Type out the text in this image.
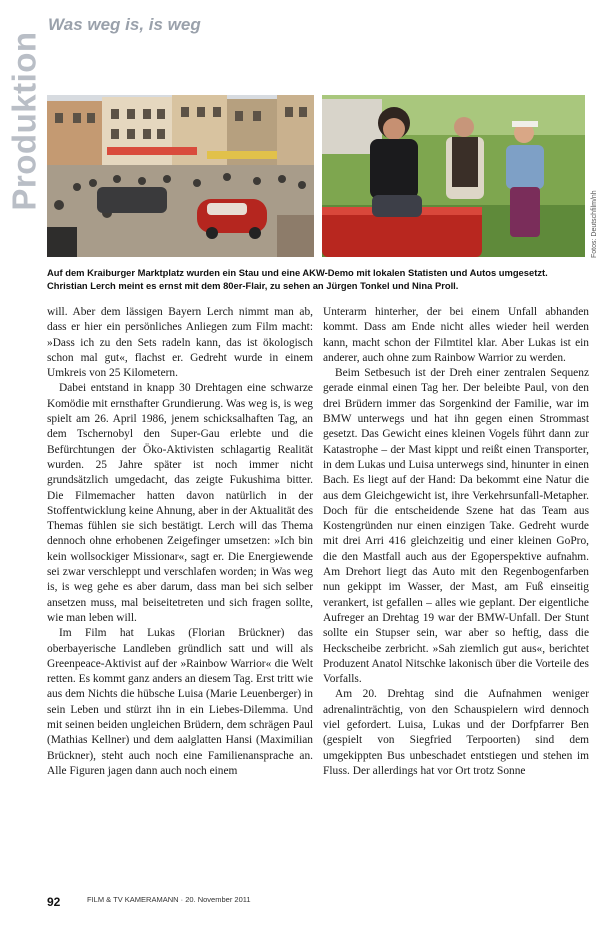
Produktion
Was weg is, is weg
Fotos: Deutschfilm/nh
Auf dem Kraiburger Marktplatz wurden ein Stau und eine AKW-Demo mit lokalen Statisten und Autos umgesetzt. Christian Lerch meint es ernst mit dem 80er-Flair, zu sehen an Jürgen Tonkel und Nina Proll.

will. Aber dem lässigen Bayern Lerch nimmt man ab, dass er hier ein persönliches Anliegen zum Film macht: »Dass ich zu den Sets radeln kann, das ist ökologisch schon mal gut«, flachst er. Gedreht wurde in einem Umkreis von 25 Kilometern.

Dabei entstand in knapp 30 Drehtagen eine schwarze Komödie mit ernsthafter Grundierung. Was weg is, is weg spielt am 26. April 1986, jenem schicksalhaften Tag, an dem Tschernobyl den Super-Gau erlebte und die Befürchtungen der Öko-Aktivisten schlagartig Realität wurden. 25 Jahre später ist noch immer nicht grundsätzlich umgedacht, das zeigte Fukushima bitter. Die Filmemacher hatten davon natürlich in der Stoffentwicklung keine Ahnung, aber in der Aktualität des Themas fühlen sie sich bestätigt. Lerch will das Thema dennoch ohne erhobenen Zeigefinger umsetzen: »Ich bin kein wollsockiger Missionar«, sagt er. Die Energiewende sei zwar verschleppt und verschlafen worden; in Was weg is, is weg gehe es aber darum, dass man bei sich selber ansetzen muss, mal beiseitetreten und sich fragen sollte, wie man leben will.

Im Film hat Lukas (Florian Brückner) das oberbayerische Landleben gründlich satt und will als Greenpeace-Aktivist auf der »Rainbow Warrior« die Welt retten. Es kommt ganz anders an diesem Tag. Erst tritt wie aus dem Nichts die hübsche Luisa (Marie Leuenberger) in sein Leben und stürzt ihn in ein Liebes-Dilemma. Und mit seinen beiden ungleichen Brüdern, dem schrägen Paul (Mathias Kellner) und dem aalglatten Hansi (Maximilian Brückner), steht auch noch eine Familienansprache an. Alle Figuren jagen dann auch noch einem

Unterarm hinterher, der bei einem Unfall abhanden kommt. Dass am Ende nicht alles wieder heil werden kann, macht schon der Filmtitel klar. Aber Lukas ist ein anderer, auch ohne zum Rainbow Warrior zu werden.

Beim Setbesuch ist der Dreh einer zentralen Sequenz gerade einmal einen Tag her. Der beleibte Paul, von den drei Brüdern immer das Sorgenkind der Familie, war im BMW unterwegs und hat ihn gegen einen Strommast gesetzt. Das Gewicht eines kleinen Vogels führt dann zur Katastrophe – der Mast kippt und reißt einen Transporter, in dem Lukas und Luisa unterwegs sind, hinunter in einen Bach. Es liegt auf der Hand: Da bekommt eine Natur die aus dem Gleichgewicht ist, ihre Verkehrsunfall-Metapher. Doch für die entscheidende Szene hat das Team aus Kostengründen nur einen einzigen Take. Gedreht wurde mit drei Arri 416 gleichzeitig und einer kleinen GoPro, die den Mastfall auch aus der Egoperspektive aufnahm. Am Drehort liegt das Auto mit den Regenbogenfarben nun gekippt im Wasser, der Mast, am Fuß einseitig verankert, ist gefallen – alles wie geplant. Der eigentliche Aufreger an Drehtag 19 war der BMW-Unfall. Der Stunt sollte ein Stupser sein, war aber so heftig, dass die Heckscheibe zerbricht. »Sah ziemlich gut aus«, berichtet Produzent Anatol Nitschke lakonisch über die Vorteile des Vorfalls.

Am 20. Drehtag sind die Aufnahmen weniger adrenalinträchtig, von den Schauspielern wird dennoch viel gefordert. Luisa, Lukas und der Dorfpfarrer Ben (gespielt von Siegfried Terpoorten) sind dem umgekippten Bus unbeschadet entstiegen und stehen im Fluss. Der allerdings hat vor Ort trotz Sonne

92	FILM & TV KAMERAMANN · 20. November 2011
